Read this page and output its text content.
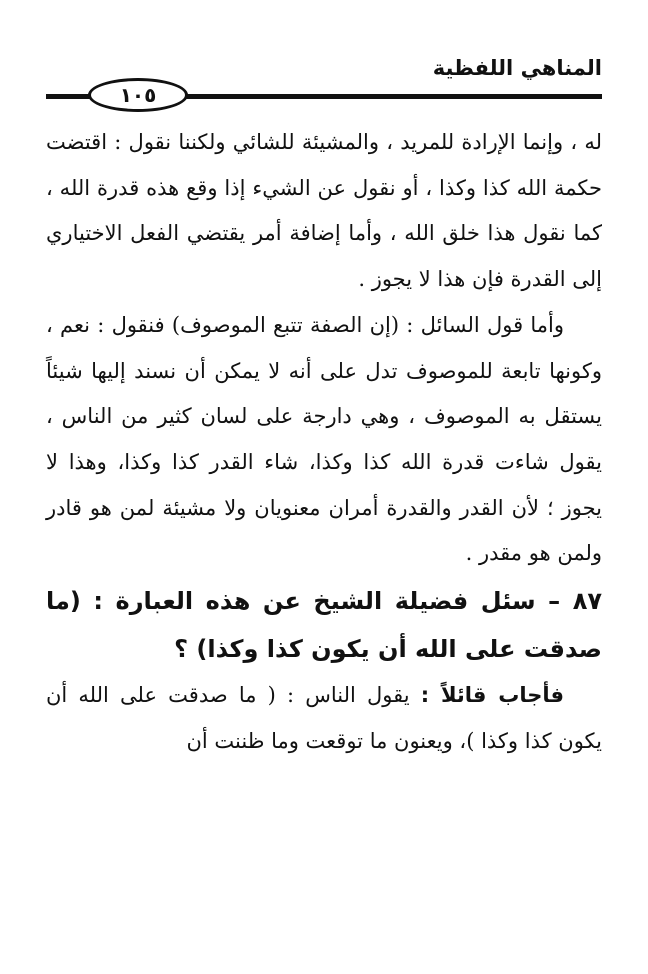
المناهي اللفظية
١٠٥

له ، وإنما الإرادة للمريد ، والمشيئة للشائي ولكننا نقول : اقتضت حكمة الله كذا وكذا ، أو نقول عن الشيء إذا وقع هذه قدرة الله ، كما نقول هذا خلق الله ، وأما إضافة أمر يقتضي الفعل الاختياري إلى القدرة فإن هذا لا يجوز .

وأما قول السائل : (إن الصفة تتبع الموصوف) فنقول : نعم ، وكونها تابعة للموصوف تدل على أنه لا يمكن أن نسند إليها شيئاً يستقل به الموصوف ، وهي دارجة على لسان كثير من الناس ، يقول شاءت قدرة الله كذا وكذا، شاء القدر كذا وكذا، وهذا لا يجوز ؛ لأن القدر والقدرة أمران معنويان ولا مشيئة لمن هو قادر ولمن هو مقدر .

٨٧ – سئل فضيلة الشيخ عن هذه العبارة : (ما صدقت على الله أن يكون كذا وكذا) ؟

فأجاب قائلاً : يقول الناس : ( ما صدقت على الله أن يكون كذا وكذا )، ويعنون ما توقعت وما ظننت أن
